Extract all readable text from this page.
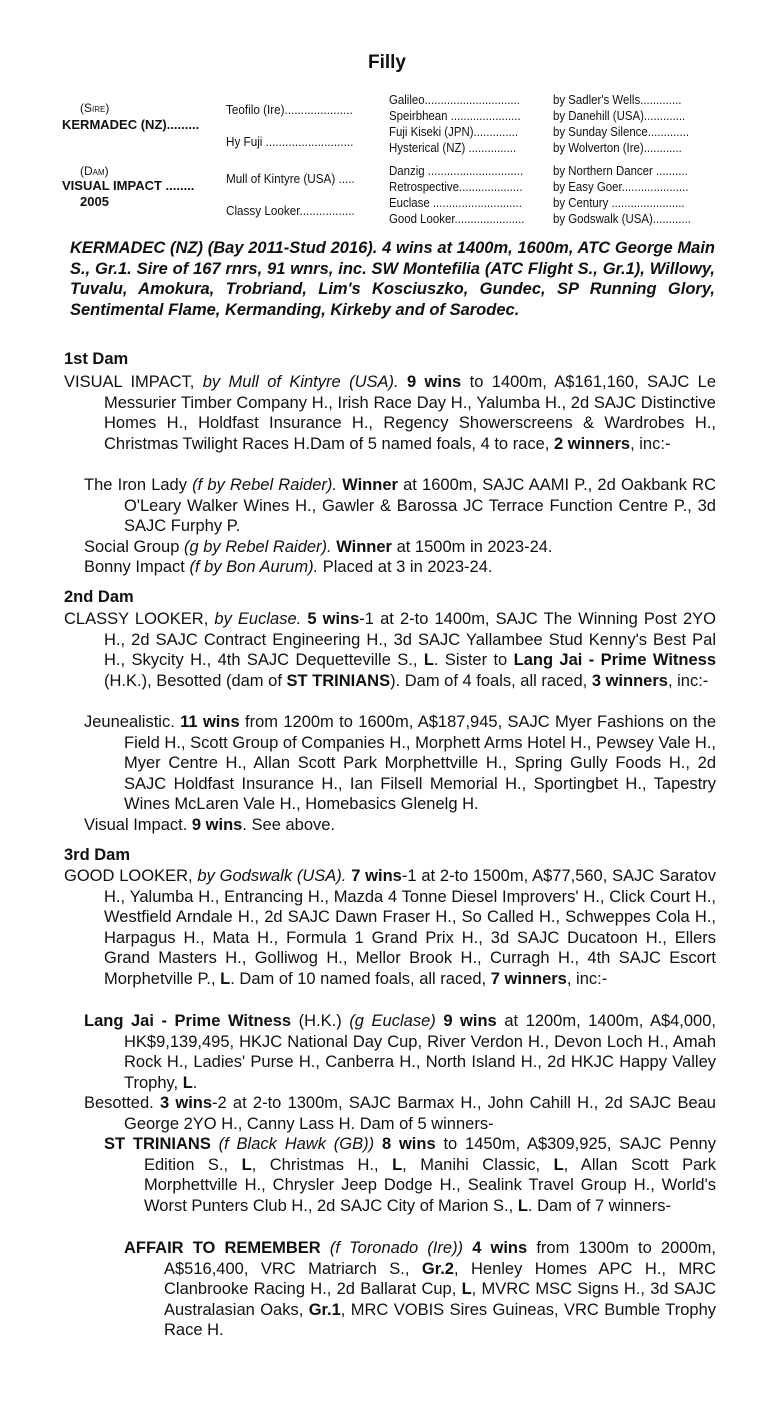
Filly
(Sire)
KERMADEC (NZ).........
(Dam)
VISUAL IMPACT ........
2005
Teofilo (Ire).....................
Hy Fuji ...........................
Mull of Kintyre (USA) .....
Classy Looker.................
Galileo..............................
Speirbhean ......................
Fuji Kiseki (JPN)..............
Hysterical (NZ) ...............
Danzig ..............................
Retrospective....................
Euclase ............................
Good Looker......................
by Sadler's Wells.............
by Danehill (USA).............
by Sunday Silence.............
by Wolverton (Ire)............
by Northern Dancer ..........
by Easy Goer.....................
by Century .......................
by Godswalk (USA)............
KERMADEC (NZ) (Bay 2011-Stud 2016). 4 wins at 1400m, 1600m, ATC George Main S., Gr.1. Sire of 167 rnrs, 91 wnrs, inc. SW Montefilia (ATC Flight S., Gr.1), Willowy, Tuvalu, Amokura, Trobriand, Lim's Kosciuszko, Gundec, SP Running Glory, Sentimental Flame, Kermanding, Kirkeby and of Sarodec.
1st Dam
VISUAL IMPACT, by Mull of Kintyre (USA). 9 wins to 1400m, A$161,160, SAJC Le Messurier Timber Company H., Irish Race Day H., Yalumba H., 2d SAJC Distinctive Homes H., Holdfast Insurance H., Regency Showerscreens & Wardrobes H., Christmas Twilight Races H.Dam of 5 named foals, 4 to race, 2 winners, inc:-
The Iron Lady (f by Rebel Raider). Winner at 1600m, SAJC AAMI P., 2d Oakbank RC O'Leary Walker Wines H., Gawler & Barossa JC Terrace Function Centre P., 3d SAJC Furphy P.
Social Group (g by Rebel Raider). Winner at 1500m in 2023-24.
Bonny Impact (f by Bon Aurum). Placed at 3 in 2023-24.
2nd Dam
CLASSY LOOKER, by Euclase. 5 wins-1 at 2-to 1400m, SAJC The Winning Post 2YO H., 2d SAJC Contract Engineering H., 3d SAJC Yallambee Stud Kenny's Best Pal H., Skycity H., 4th SAJC Dequetteville S., L. Sister to Lang Jai - Prime Witness (H.K.), Besotted (dam of ST TRINIANS). Dam of 4 foals, all raced, 3 winners, inc:-
Jeunealistic. 11 wins from 1200m to 1600m, A$187,945, SAJC Myer Fashions on the Field H., Scott Group of Companies H., Morphett Arms Hotel H., Pewsey Vale H., Myer Centre H., Allan Scott Park Morphettville H., Spring Gully Foods H., 2d SAJC Holdfast Insurance H., Ian Filsell Memorial H., Sportingbet H., Tapestry Wines McLaren Vale H., Homebasics Glenelg H.
Visual Impact. 9 wins. See above.
3rd Dam
GOOD LOOKER, by Godswalk (USA). 7 wins-1 at 2-to 1500m, A$77,560, SAJC Saratov H., Yalumba H., Entrancing H., Mazda 4 Tonne Diesel Improvers' H., Click Court H., Westfield Arndale H., 2d SAJC Dawn Fraser H., So Called H., Schweppes Cola H., Harpagus H., Mata H., Formula 1 Grand Prix H., 3d SAJC Ducatoon H., Ellers Grand Masters H., Golliwog H., Mellor Brook H., Curragh H., 4th SAJC Escort Morphetville P., L. Dam of 10 named foals, all raced, 7 winners, inc:-
Lang Jai - Prime Witness (H.K.) (g Euclase) 9 wins at 1200m, 1400m, A$4,000, HK$9,139,495, HKJC National Day Cup, River Verdon H., Devon Loch H., Amah Rock H., Ladies' Purse H., Canberra H., North Island H., 2d HKJC Happy Valley Trophy, L.
Besotted. 3 wins-2 at 2-to 1300m, SAJC Barmax H., John Cahill H., 2d SAJC Beau George 2YO H., Canny Lass H. Dam of 5 winners-
ST TRINIANS (f Black Hawk (GB)) 8 wins to 1450m, A$309,925, SAJC Penny Edition S., L, Christmas H., L, Manihi Classic, L, Allan Scott Park Morphettville H., Chrysler Jeep Dodge H., Sealink Travel Group H., World's Worst Punters Club H., 2d SAJC City of Marion S., L. Dam of 7 winners-
AFFAIR TO REMEMBER (f Toronado (Ire)) 4 wins from 1300m to 2000m, A$516,400, VRC Matriarch S., Gr.2, Henley Homes APC H., MRC Clanbrooke Racing H., 2d Ballarat Cup, L, MVRC MSC Signs H., 3d SAJC Australasian Oaks, Gr.1, MRC VOBIS Sires Guineas, VRC Bumble Trophy Race H.
